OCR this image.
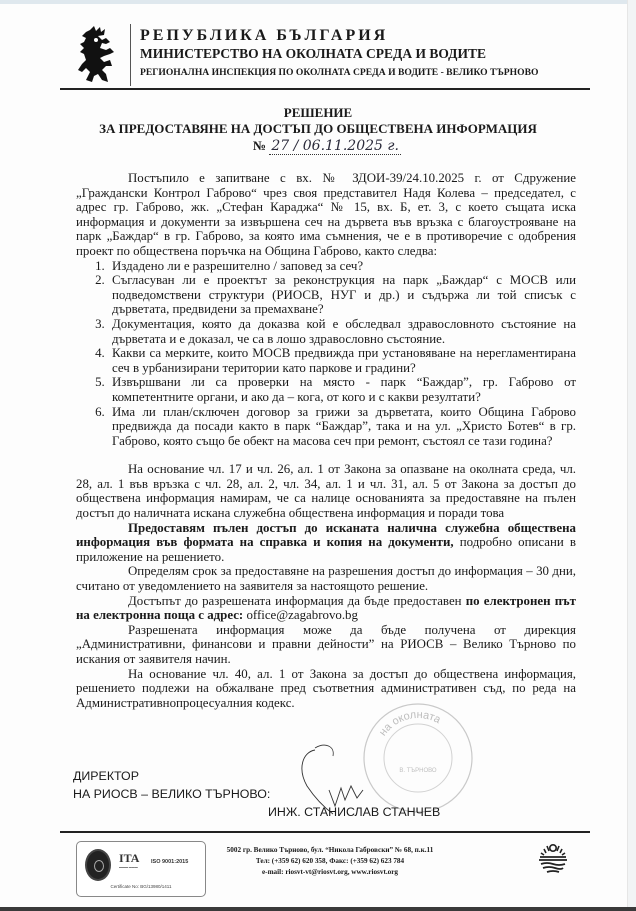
РЕПУБЛИКА БЪЛГАРИЯ
МИНИСТЕРСТВО НА ОКОЛНАТА СРЕДА И ВОДИТЕ
РЕГИОНАЛНА ИНСПЕКЦИЯ ПО ОКОЛНАТА СРЕДА И ВОДИТЕ - ВЕЛИКО ТЪРНОВО
РЕШЕНИЕ
ЗА ПРЕДОСТАВЯНЕ НА ДОСТЪП ДО ОБЩЕСТВЕНА ИНФОРМАЦИЯ
№ 27 / 06.11.2025 г.

Постъпило е запитване с вх. № ЗДОИ-39/24.10.2025 г. от Сдружение „Граждански Контрол Габрово“ чрез своя представител Надя Колева – председател, с адрес гр. Габрово, жк. „Стефан Караджа“ № 15, вх. Б, ет. 3, с което същата иска информация и документи за извършена сеч на дървета във връзка с благоустрояване на парк „Баждар“ в гр. Габрово, за която има съмнения, че е в противоречие с одобрения проект по обществена поръчка на Община Габрово, както следва:

1. Издадено ли е разрешително / заповед за сеч?
2. Съгласуван ли е проектът за реконструкция на парк „Баждар“ с МОСВ или подведомствени структури (РИОСВ, НУГ и др.) и съдържа ли той списък с дърветата, предвидени за премахване?
3. Документация, която да доказва кой е обследвал здравословното състояние на дърветата и е доказал, че са в лошо здравословно състояние.
4. Какви са мерките, които МОСВ предвижда при установяване на нерегламентирана сеч в урбанизирани територии като паркове и градини?
5. Извършвани ли са проверки на място - парк “Баждар”, гр. Габрово от компетентните органи, и ако да – кога, от кого и с какви резултати?
6. Има ли план/сключен договор за грижи за дърветата, които Община Габрово предвижда да посади както в парк “Баждар”, така и на ул. „Христо Ботев“ в гр. Габрово, която също бе обект на масова сеч при ремонт, състоял се тази година?

На основание чл. 17 и чл. 26, ал. 1 от Закона за опазване на околната среда, чл. 28, ал. 1 във връзка с чл. 28, ал. 2, чл. 34, ал. 1 и чл. 31, ал. 5 от Закона за достъп до обществена информация намирам, че са налице основанията за предоставяне на пълен достъп до наличната искана служебна обществена информация и поради това

Предоставям пълен достъп до исканата налична служебна обществена информация във формата на справка и копия на документи, подробно описани в приложение на решението.

Определям срок за предоставяне на разрешения достъп до информация – 30 дни, считано от уведомлението на заявителя за настоящото решение.

Достъпът до разрешената информация да бъде предоставен по електронен път на електронна поща с адрес: office@zagabrovo.bg

Разрешената информация може да бъде получена от дирекция „Административни, финансови и правни дейности” на РИОСВ – Велико Търново по искания от заявителя начин.

На основание чл. 40, ал. 1 от Закона за достъп до обществена информация, решението подлежи на обжалване пред съответния административен съд, по реда на Административнопроцесуалния кодекс.

на околната
В. ТЪРНОВО
ДИРЕКТОР
НА РИОСВ – ВЕЛИКО ТЪРНОВО:
ИНЖ. СТАНИСЛАВ СТАНЧЕВ
ITA
▬▬▬ ▬▬▬
ISO 9001:2015
Certificate No: BG/13980/1411
5002 гр. Велико Търново, бул. “Никола Габровски” № 68, п.к.11
Тел: (+359 62) 620 358, Факс: (+359 62) 623 784
e-mail: riosvt-vt@riosvt.org, www.riosvt.org
